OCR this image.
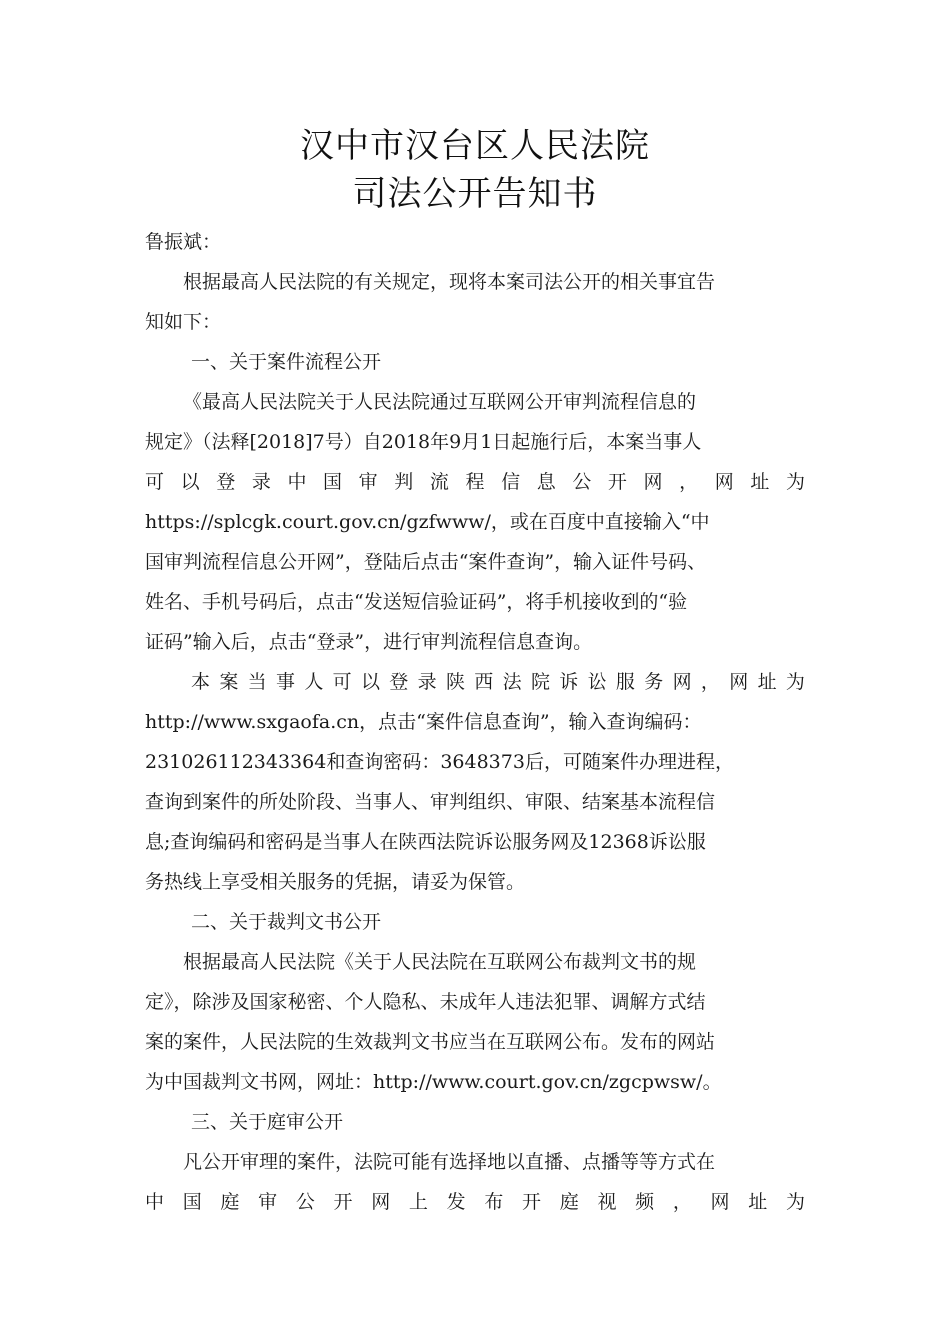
汉中市汉台区人民法院
司法公开告知书

鲁振斌：

根据最高人民法院的有关规定，现将本案司法公开的相关事宜告

知如下：

一、关于案件流程公开

《最高人民法院关于人民法院通过互联网公开审判流程信息的

规定》（法释[2018]7号）自2018年9月1日起施行后，本案当事人

可 以 登 录 中 国 审 判 流 程 信 息 公 开 网 ， 网 址 为

https://splcgk.court.gov.cn/gzfwww/，或在百度中直接输入“中

国审判流程信息公开网”，登陆后点击“案件查询”，输入证件号码、

姓名、手机号码后，点击“发送短信验证码”，将手机接收到的“验

证码”输入后，点击“登录”，进行审判流程信息查询。

本 案 当 事 人 可 以 登 录 陕 西 法 院 诉 讼 服 务 网 ， 网 址 为

http://www.sxgaofa.cn，点击“案件信息查询”，输入查询编码：

231026112343364和查询密码：3648373后，可随案件办理进程，

查询到案件的所处阶段、当事人、审判组织、审限、结案基本流程信

息;查询编码和密码是当事人在陕西法院诉讼服务网及12368诉讼服

务热线上享受相关服务的凭据，请妥为保管。

二、关于裁判文书公开

根据最高人民法院《关于人民法院在互联网公布裁判文书的规

定》，除涉及国家秘密、个人隐私、未成年人违法犯罪、调解方式结

案的案件，人民法院的生效裁判文书应当在互联网公布。发布的网站

为中国裁判文书网，网址：http://www.court.gov.cn/zgcpwsw/。

三、关于庭审公开

凡公开审理的案件，法院可能有选择地以直播、点播等等方式在

中 国 庭 审 公 开 网 上 发 布 开 庭 视 频 ， 网 址 为
